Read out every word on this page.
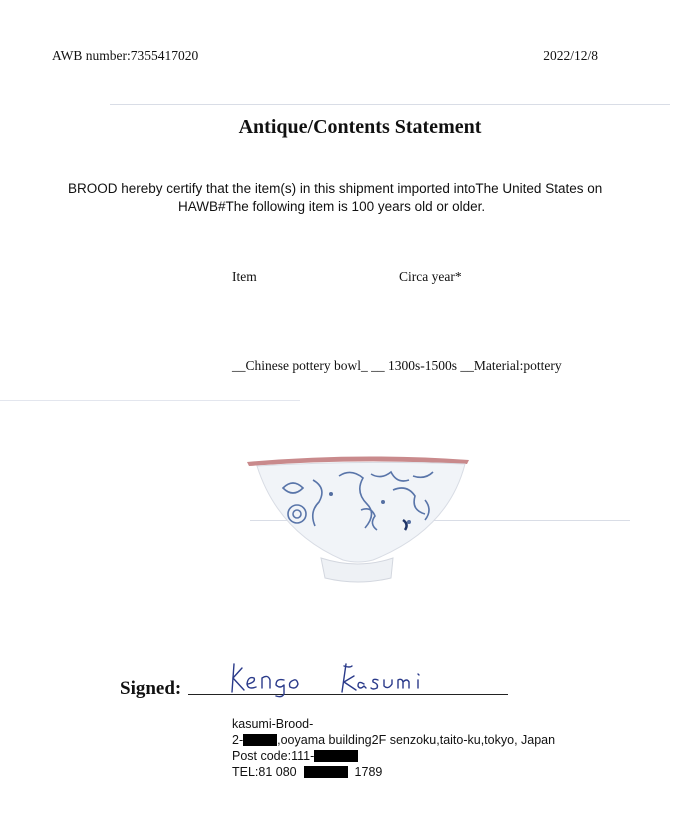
AWB number:7355417020	2022/12/8
Antique/Contents Statement
BROOD hereby certify that the item(s) in this shipment imported intoThe United States on
HAWB#The following item is 100 years old or older.
Item	Circa year*
__Chinese pottery bowl_ __ 1300s-1500s __Material:pottery
Signed:
kasumi-Brood-
2-	,ooyama building2F senzoku,taito-ku,tokyo, Japan
Post code:111-
TEL:81 080	1789
